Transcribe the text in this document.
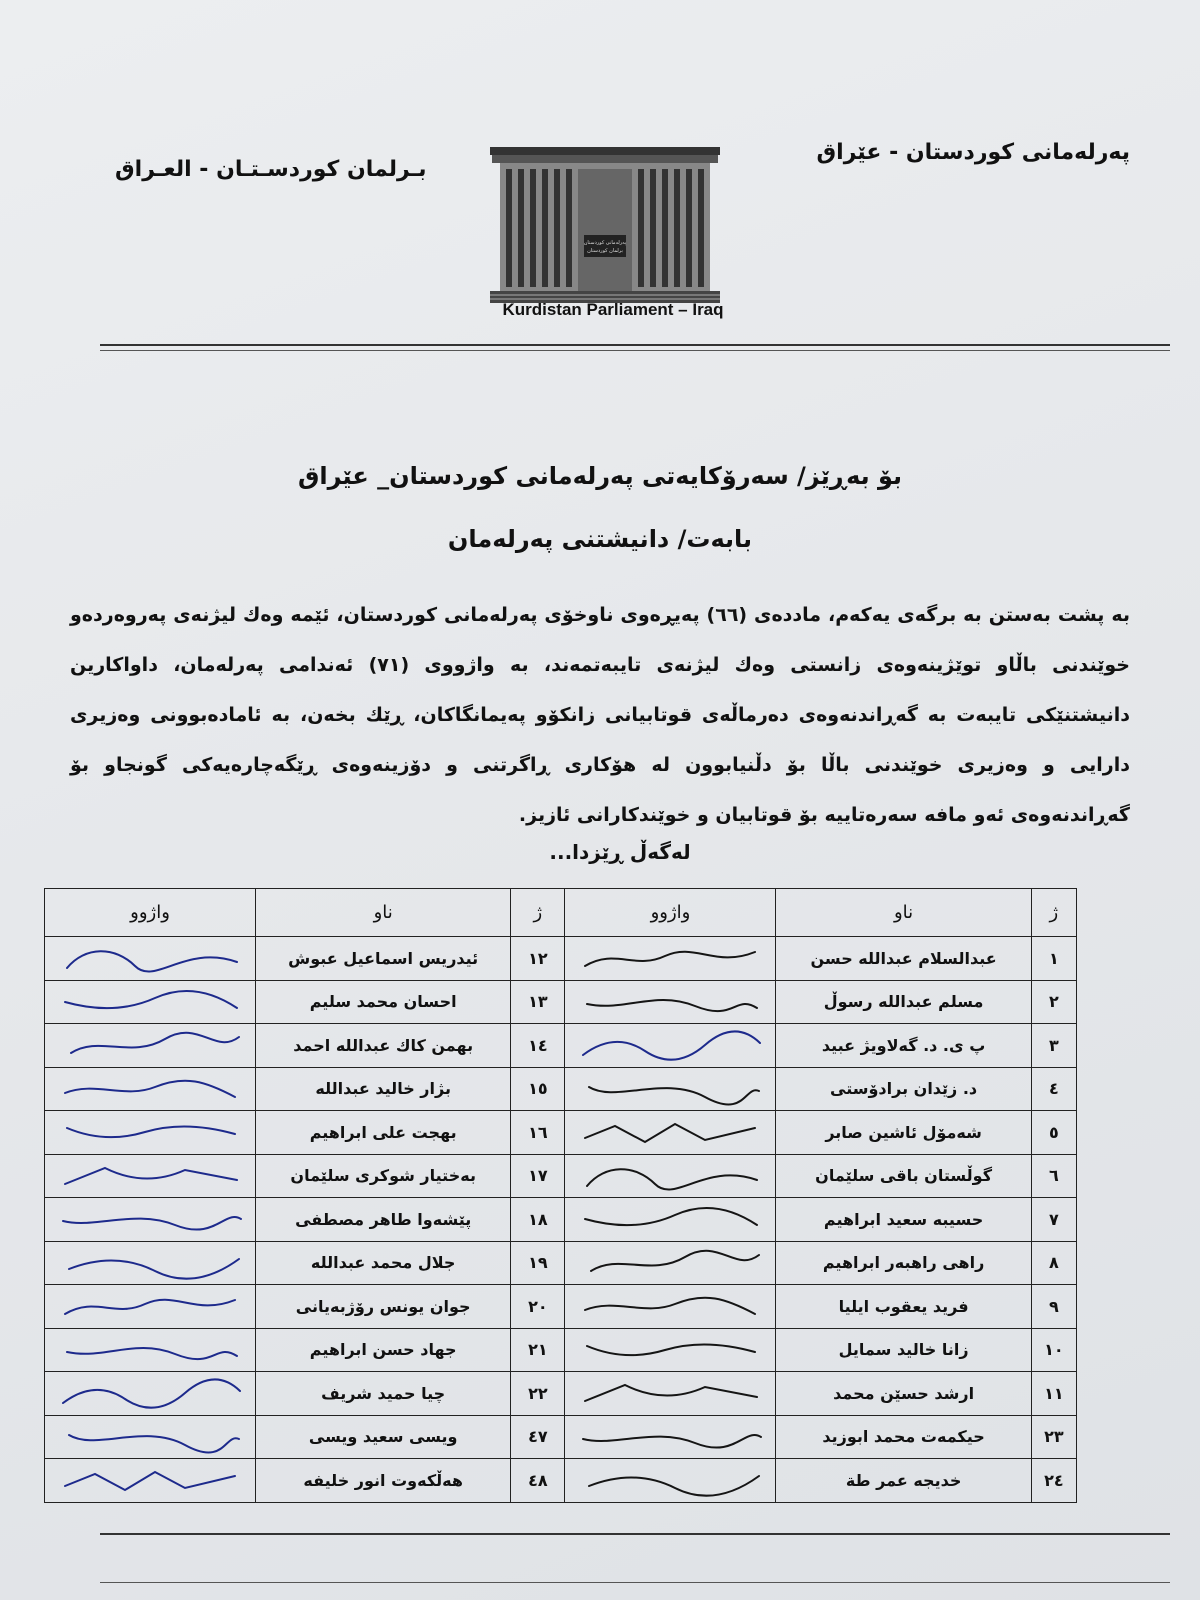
پەرلەمانی کوردستان - عێراق
بـرلمان كوردسـتـان - العـراق
پەرلەمانی کوردستان
برلمان كوردستان
Kurdistan Parliament – Iraq
بۆ بەڕێز/ سەرۆکایەتی پەرلەمانی کوردستان_ عێراق
بابەت/ دانیشتنی پەرلەمان
بە پشت بەستن بە برگەی یەکەم، ماددەی (٦٦) پەیڕەوی ناوخۆی پەرلەمانی کوردستان، ئێمە وەك لیژنەی پەروەردەو خوێندنی باڵاو توێژینەوەی زانستی وەك لیژنەی تایبەتمەند، بە واژووی (٧١) ئەندامی پەرلەمان، داواکارین دانیشتنێکی تایبەت بە گەڕاندنەوەی دەرماڵەی قوتابیانی زانکۆو پەیمانگاکان، ڕێك بخەن، بە ئامادەبوونی وەزیری دارایی و وەزیری خوێندنی باڵا بۆ دڵنیابوون لە هۆکاری ڕاگرتنی و دۆزینەوەی ڕێگەچارەیەکی گونجاو بۆ گەڕاندنەوەی ئەو مافە سەرەتاییە بۆ قوتابیان و خوێندکارانی ئازیز.
لەگەڵ ڕێزدا...
ژ	ناو	واژوو	ژ	ناو	واژوو
١	عبدالسلام عبدالله حسن		١٢	ئیدریس اسماعیل عبوش	

٢	مسلم عبدالله رسوڵ		١٣	احسان محمد سلیم	

٣	پ ی. د. گەلاویژ عبید		١٤	بهمن کاك عبدالله احمد	

٤	د. زێدان برادۆستی		١٥	بژار خالید عبدالله	

٥	شەمۆل ئاشین صابر		١٦	بهجت علی ابراهیم	

٦	گوڵستان باقی سلێمان		١٧	بەختیار شوکری سلێمان	

٧	حسیبە سعید ابراهیم		١٨	پێشەوا طاهر مصطفی	

٨	راهی راهبەر ابراهیم		١٩	جلال محمد عبدالله	

٩	فرید یعقوب ایلیا		٢٠	جوان یونس رۆژبەیانی	

١٠	زانا خالید سمایل		٢١	جهاد حسن ابراهیم	

١١	ارشد حسێن محمد		٢٢	چیا حمید شریف	

٢٣	حیکمەت محمد ابوزید		٤٧	ویسی سعید ویسی	

٢٤	خدیجە عمر طة		٤٨	هەڵکەوت انور خلیفە	
